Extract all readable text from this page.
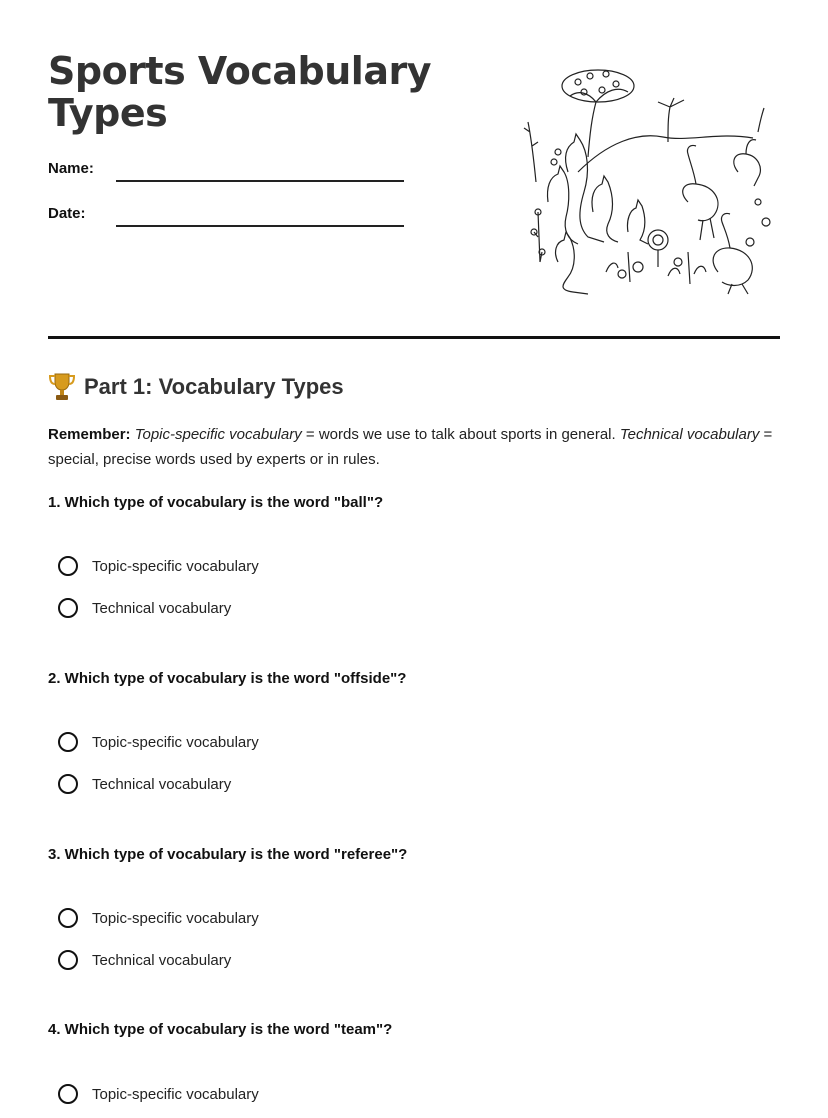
Sports Vocabulary Types
Name:
Date:
Part 1: Vocabulary Types
Remember: Topic-specific vocabulary = words we use to talk about sports in general. Technical vocabulary = special, precise words used by experts or in rules.
1. Which type of vocabulary is the word "ball"?
Topic-specific vocabulary
Technical vocabulary
2. Which type of vocabulary is the word "offside"?
Topic-specific vocabulary
Technical vocabulary
3. Which type of vocabulary is the word "referee"?
Topic-specific vocabulary
Technical vocabulary
4. Which type of vocabulary is the word "team"?
Topic-specific vocabulary
